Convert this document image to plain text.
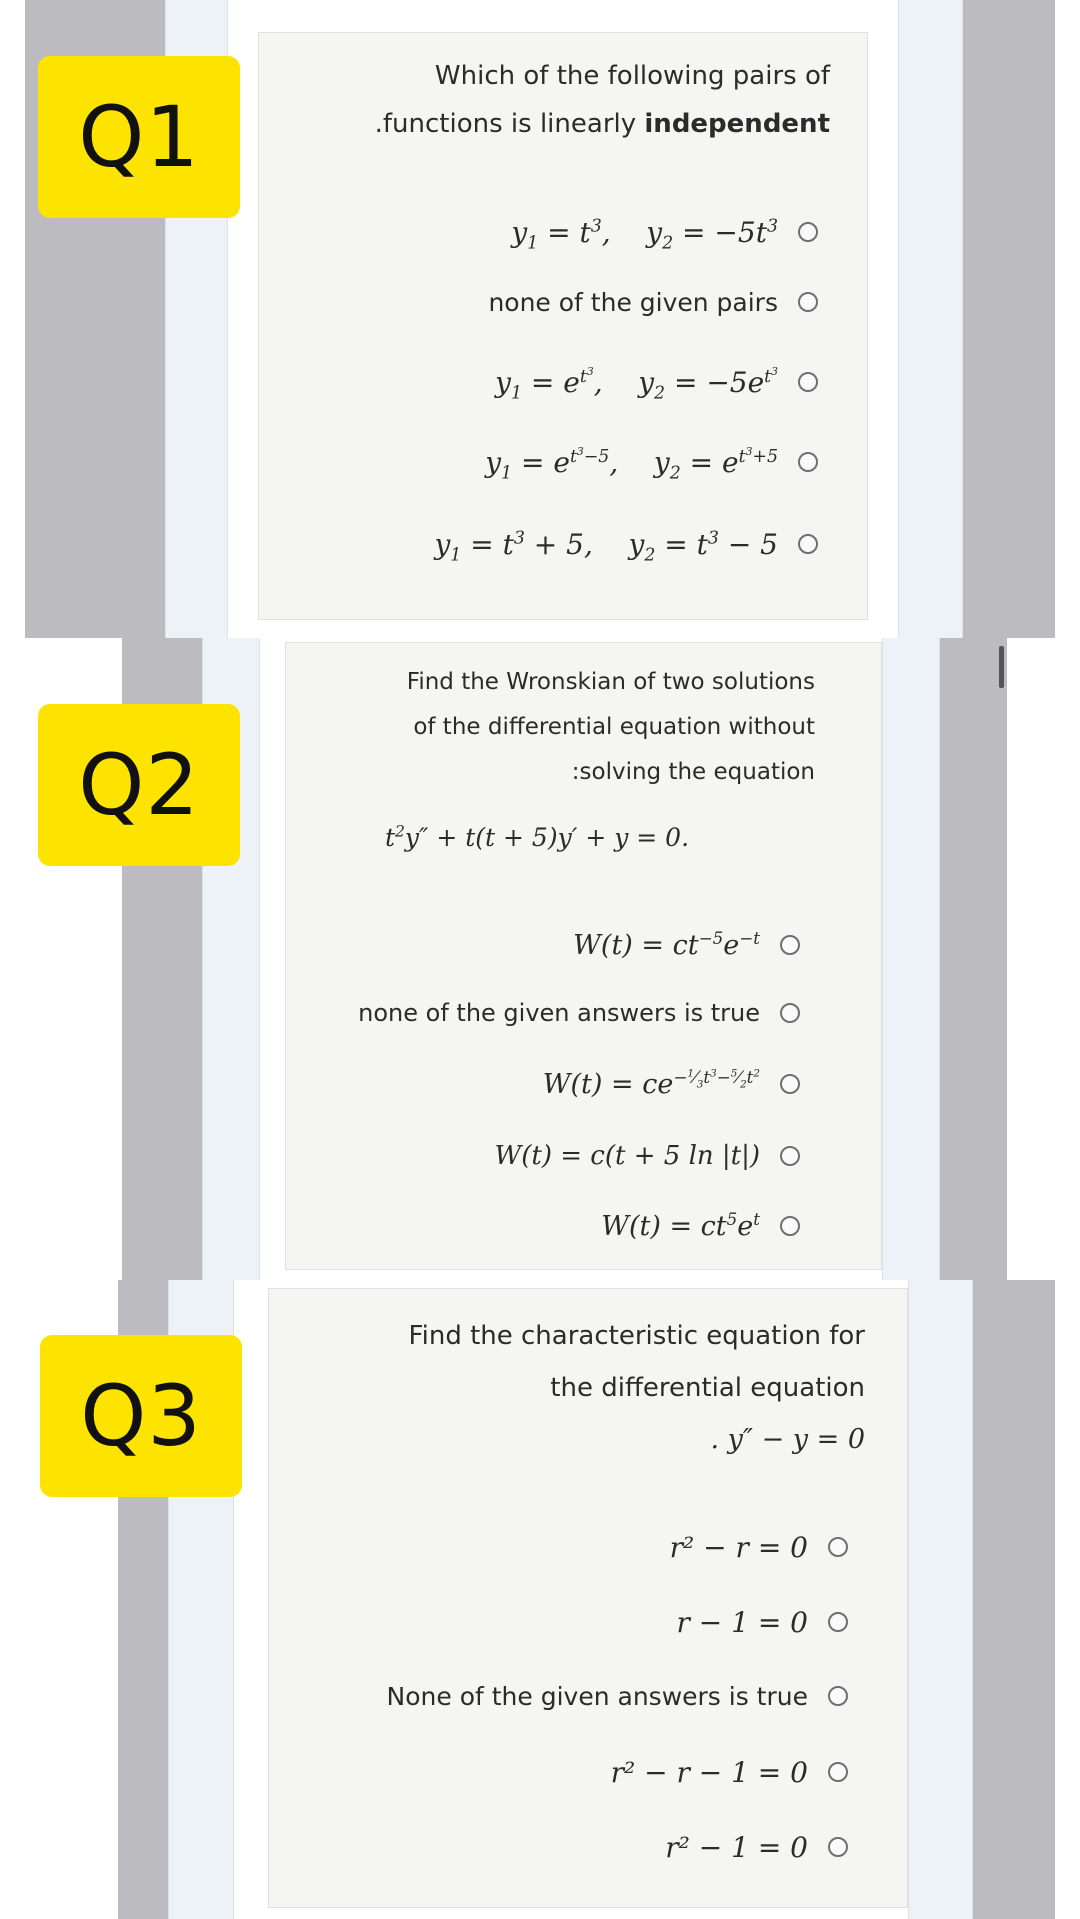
Q1
Which of the following pairs of
.functions is linearly independent
$y_1 = t^3$,    $y_2 = -5t^3$
none of the given pairs
$y_1 = e^{t^3}$,    $y_2 = -5e^{t^3}$
$y_1 = e^{t^3-5}$,    $y_2 = e^{t^3+5}$
$y_1 = t^3 + 5$,    $y_2 = t^3 - 5$
Q2
Find the Wronskian of two solutions
of the differential equation without
:solving the equation
$t^2y'' + t(t + 5)y' + y = 0$.
$W(t) = ct^{-5}e^{-t}$
none of the given answers is true
$W(t) = ce^{-^1⁄_3t^3-^5⁄_2t^2}$
W(t) = c(t + 5 ln |t|)
$W(t) = ct^5e^t$
Q3
Find the characteristic equation for
the differential equation
. y″ − y = 0
r² − r = 0
r − 1 = 0
None of the given answers is true
r² − r − 1 = 0
r² − 1 = 0
